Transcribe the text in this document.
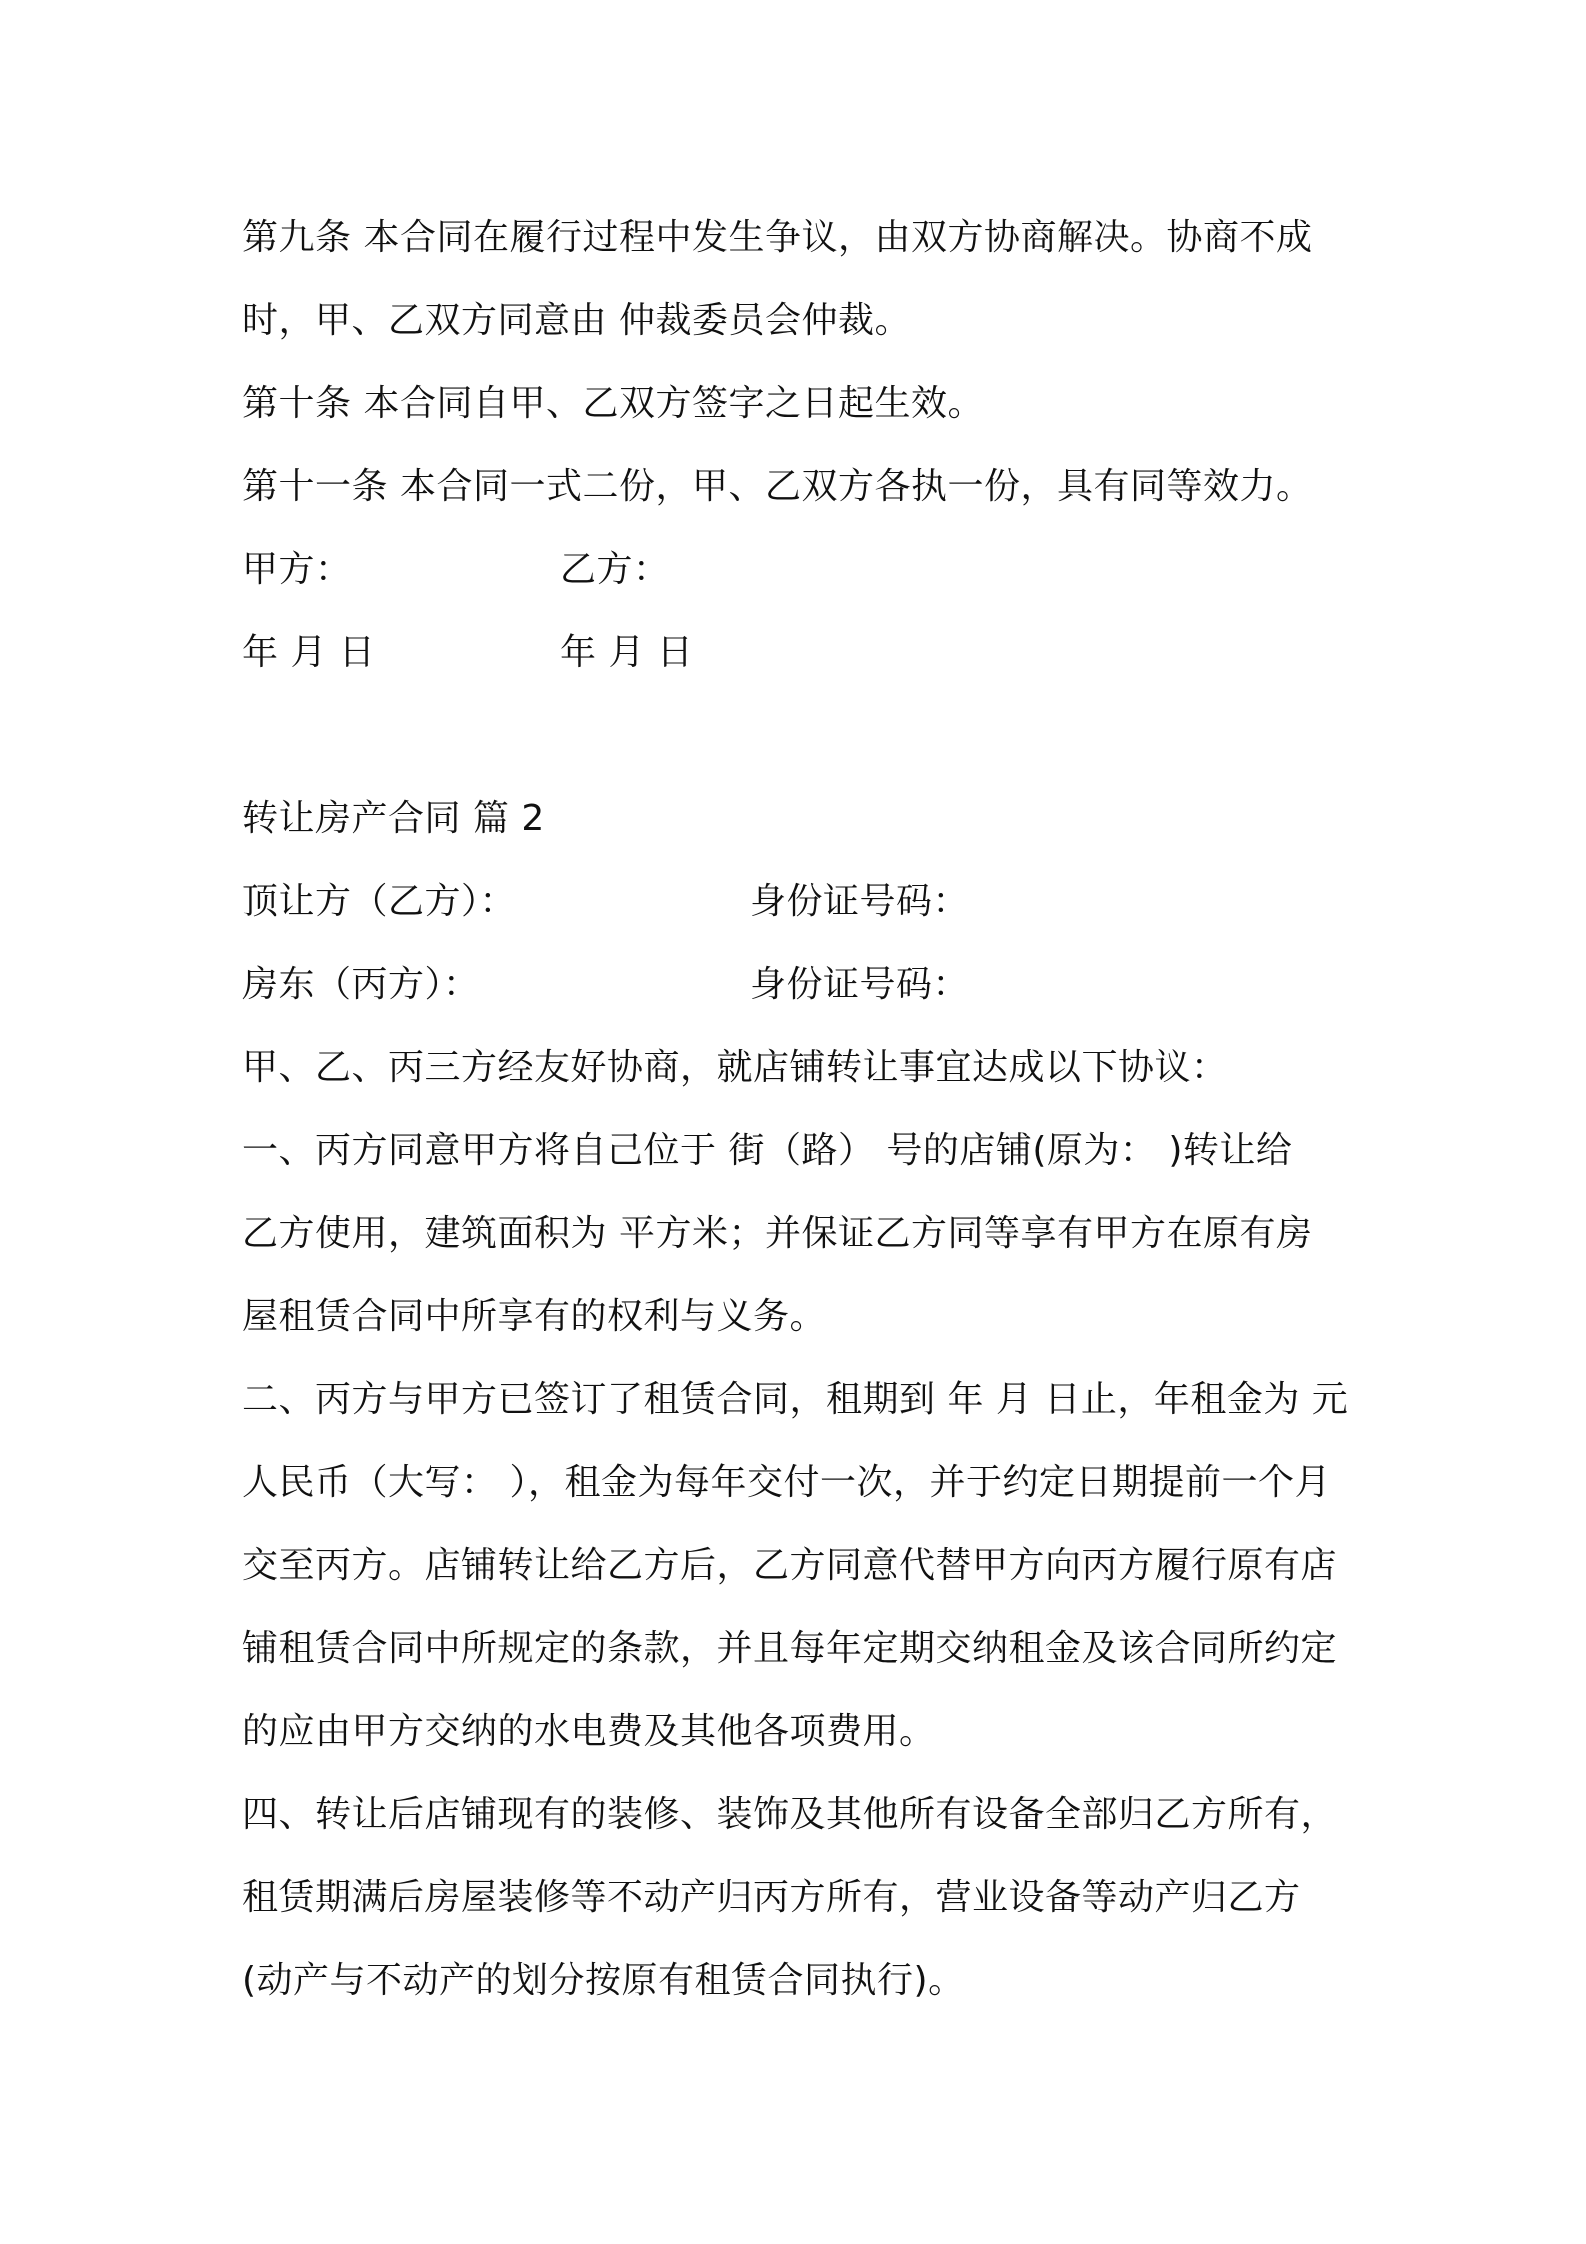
第九条 本合同在履行过程中发生争议，由双方协商解决。协商不成
时，甲、乙双方同意由 仲裁委员会仲裁。
第十条 本合同自甲、乙双方签字之日起生效。
第十一条 本合同一式二份，甲、乙双方各执一份，具有同等效力。
甲方：	乙方：
年 月 日	年 月 日
转让房产合同 篇 2
顶让方（乙方）：	身份证号码：
房东（丙方）：	身份证号码：
甲、乙、丙三方经友好协商，就店铺转让事宜达成以下协议：
一、丙方同意甲方将自己位于 街（路） 号的店铺(原为： )转让给
乙方使用，建筑面积为 平方米；并保证乙方同等享有甲方在原有房
屋租赁合同中所享有的权利与义务。
二、丙方与甲方已签订了租赁合同，租期到 年 月 日止，年租金为 元
人民币（大写： ），租金为每年交付一次，并于约定日期提前一个月
交至丙方。店铺转让给乙方后，乙方同意代替甲方向丙方履行原有店
铺租赁合同中所规定的条款，并且每年定期交纳租金及该合同所约定
的应由甲方交纳的水电费及其他各项费用。
四、转让后店铺现有的装修、装饰及其他所有设备全部归乙方所有，
租赁期满后房屋装修等不动产归丙方所有，营业设备等动产归乙方
(动产与不动产的划分按原有租赁合同执行)。
